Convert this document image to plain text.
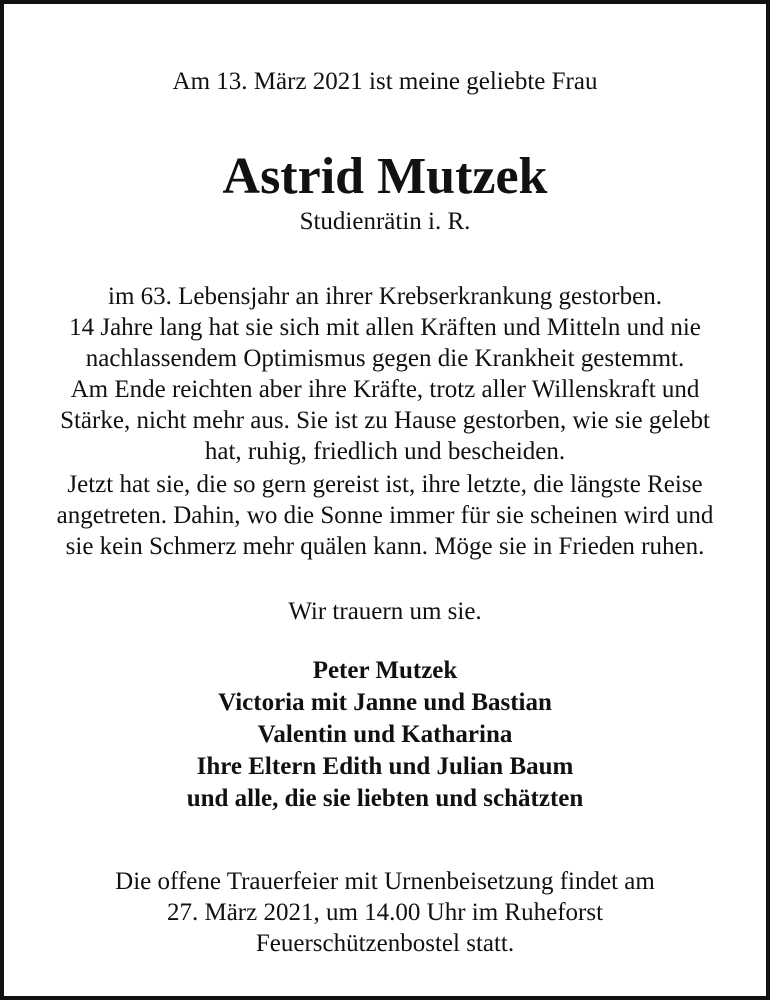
Am 13. März 2021 ist meine geliebte Frau
Astrid Mutzek
Studienrätin i. R.
im 63. Lebensjahr an ihrer Krebserkrankung gestorben.
14 Jahre lang hat sie sich mit allen Kräften und Mitteln und nie
nachlassendem Optimismus gegen die Krankheit gestemmt.
Am Ende reichten aber ihre Kräfte, trotz aller Willenskraft und
Stärke, nicht mehr aus. Sie ist zu Hause gestorben, wie sie gelebt
hat, ruhig, friedlich und bescheiden.
Jetzt hat sie, die so gern gereist ist, ihre letzte, die längste Reise
angetreten. Dahin, wo die Sonne immer für sie scheinen wird und
sie kein Schmerz mehr quälen kann. Möge sie in Frieden ruhen.
Wir trauern um sie.
Peter Mutzek
Victoria mit Janne und Bastian
Valentin und Katharina
Ihre Eltern Edith und Julian Baum
und alle, die sie liebten und schätzten
Die offene Trauerfeier mit Urnenbeisetzung findet am
27. März 2021, um 14.00 Uhr im Ruheforst
Feuerschützenbostel statt.
